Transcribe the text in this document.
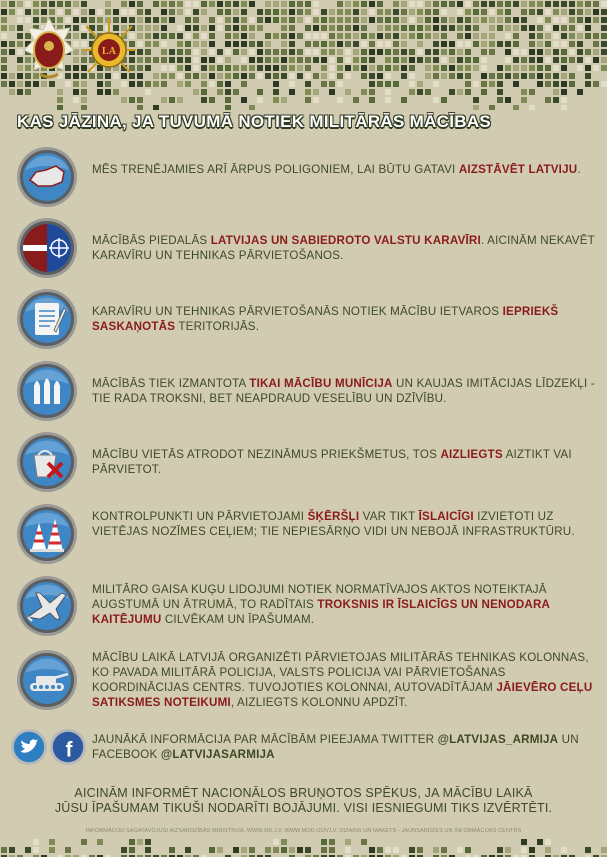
LA
KAS JĀZINA, JA TUVUMĀ NOTIEK MILITĀRĀS MĀCĪBAS
MĒS TRENĒJAMIES ARĪ ĀRPUS POLIGONIEM, LAI BŪTU GATAVI AIZSTĀVĒT LATVIJU.
MĀCĪBĀS PIEDALĀS LATVIJAS UN SABIEDROTO VALSTU KARAVĪRI. AICINĀM NEKAVĒT KARAVĪRU UN TEHNIKAS PĀRVIETOŠANOS.
KARAVĪRU UN TEHNIKAS PĀRVIETOŠANĀS NOTIEK MĀCĪBU IETVAROS IEPRIEKŠ SASKAŅOTĀS TERITORIJĀS.
MĀCĪBĀS TIEK IZMANTOTA TIKAI MĀCĪBU MUNĪCIJA UN KAUJAS IMITĀCIJAS LĪDZEKĻI - TIE RADA TROKSNI, BET NEAPDRAUD VESELĪBU UN DZĪVĪBU.
MĀCĪBU VIETĀS ATRODOT NEZINĀMUS PRIEKŠMETUS, TOS AIZLIEGTS AIZTIKT VAI PĀRVIETOT.
KONTROLPUNKTI UN PĀRVIETOJAMI ŠĶĒRŠĻI VAR TIKT ĪSLAICĪGI IZVIETOTI UZ VIETĒJAS NOZĪMES CEĻIEM; TIE NEPIESĀRŅO VIDI UN NEBOJĀ INFRASTRUKTŪRU.
MILITĀRO GAISA KUĢU LIDOJUMI NOTIEK NORMATĪVAJOS AKTOS NOTEIKTAJĀ AUGSTUMĀ UN ĀTRUMĀ, TO RADĪTAIS TROKSNIS IR ĪSLAICĪGS UN NENODARA KAITĒJUMU CILVĒKAM UN ĪPAŠUMAM.
MĀCĪBU LAIKĀ LATVIJĀ ORGANIZĒTI PĀRVIETOJAS MILITĀRĀS TEHNIKAS KOLONNAS, KO PAVADA MILITĀRĀ POLICIJA, VALSTS POLICIJA VAI PĀRVIETOŠANAS KOORDINĀCIJAS CENTRS. TUVOJOTIES KOLONNAI, AUTOVADĪTĀJAM JĀIEVĒRO CEĻU SATIKSMES NOTEIKUMI, AIZLIEGTS KOLONNU APDZĪT.
f JAUNĀKĀ INFORMĀCIJA PAR MĀCĪBĀM PIEEJAMA TWITTER @LATVIJAS_ARMIJA UN FACEBOOK @LATVIJASARMIJA
AICINĀM INFORMĒT NACIONĀLOS BRUŅOTOS SPĒKUS, JA MĀCĪBU LAIKĀ
JŪSU ĪPAŠUMAM TIKUŠI NODARĪTI BOJĀJUMI. VISI IESNIEGUMI TIKS IZVĒRTĒTI.
INFORMĀCIJU SAGATAVOJUSI AIZSARDZĪBAS MINISTRIJA, WWW.MIL.LV, WWW.MOD.GOV.LV, DIZAINS UN MAKETS - JAUNSARDZES UN INFORMĀCIJAS CENTRS
